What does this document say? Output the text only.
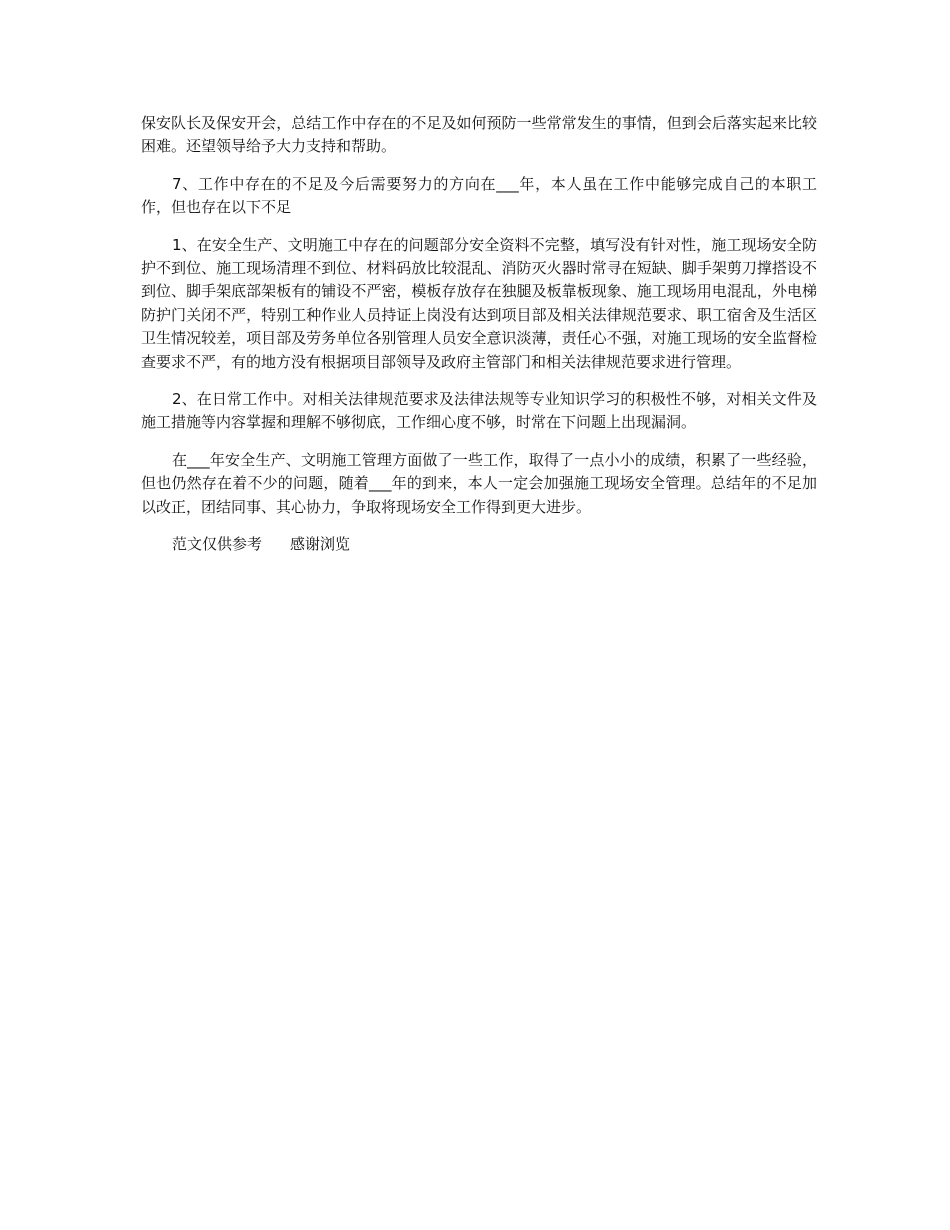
保安队长及保安开会，总结工作中存在的不足及如何预防一些常常发生的事情，但到会后落实起来比较困难。还望领导给予大力支持和帮助。

7、工作中存在的不足及今后需要努力的方向在___年，本人虽在工作中能够完成自己的本职工作，但也存在以下不足

1、在安全生产、文明施工中存在的问题部分安全资料不完整，填写没有针对性，施工现场安全防护不到位、施工现场清理不到位、材料码放比较混乱、消防灭火器时常寻在短缺、脚手架剪刀撑搭设不到位、脚手架底部架板有的铺设不严密，模板存放存在独腿及板靠板现象、施工现场用电混乱，外电梯防护门关闭不严，特别工种作业人员持证上岗没有达到项目部及相关法律规范要求、职工宿舍及生活区卫生情况较差，项目部及劳务单位各别管理人员安全意识淡薄，责任心不强，对施工现场的安全监督检查要求不严，有的地方没有根据项目部领导及政府主管部门和相关法律规范要求进行管理。

2、在日常工作中。对相关法律规范要求及法律法规等专业知识学习的积极性不够，对相关文件及施工措施等内容掌握和理解不够彻底，工作细心度不够，时常在下问题上出现漏洞。

在___年安全生产、文明施工管理方面做了一些工作，取得了一点小小的成绩，积累了一些经验，但也仍然存在着不少的问题，随着___年的到来，本人一定会加强施工现场安全管理。总结年的不足加以改正，团结同事、其心协力，争取将现场安全工作得到更大进步。

范文仅供参考 感谢浏览
